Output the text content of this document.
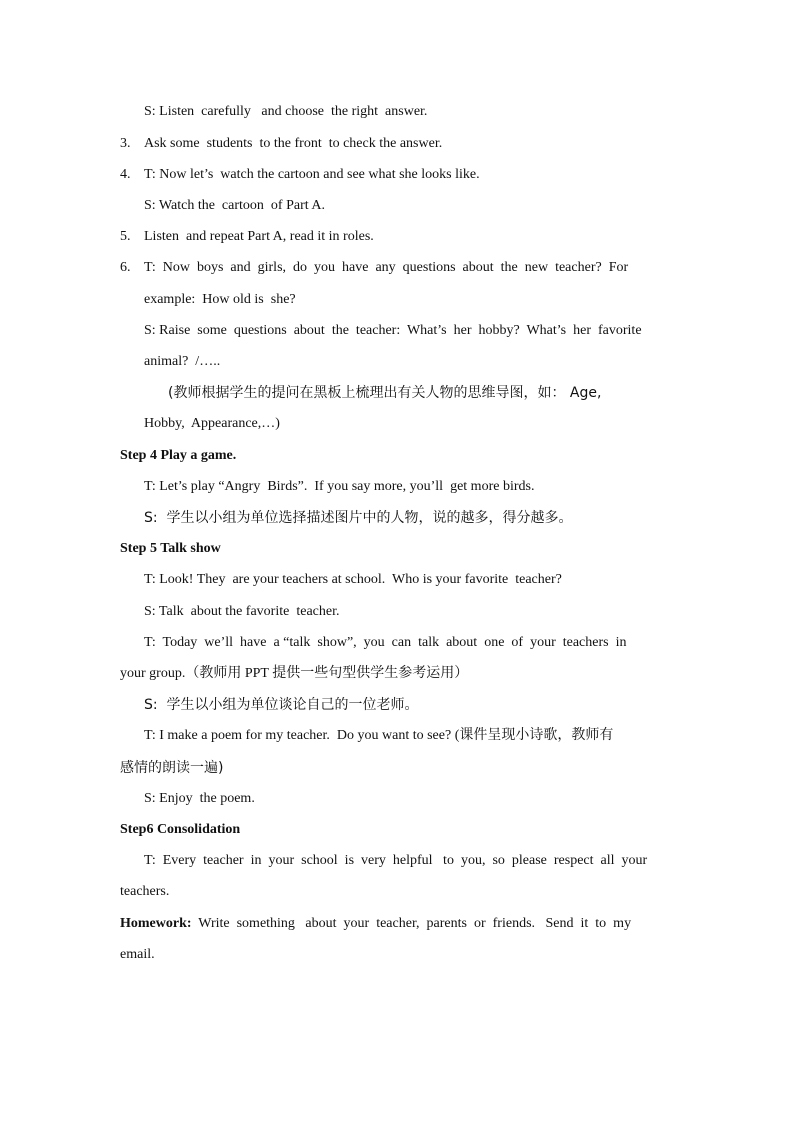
S: Listen  carefully   and choose  the right  answer.
3. Ask some  students  to the front  to check the answer.
4. T: Now let’s  watch the cartoon and see what she looks like.
S: Watch the  cartoon  of Part A.
5. Listen  and repeat Part A, read it in roles.
6. T:  Now  boys  and  girls,  do  you  have  any  questions  about  the  new  teacher?  For
example:  How old is  she?
S: Raise  some  questions  about  the  teacher:  What’s  her  hobby?  What’s  her  favorite
animal?  /…..
(教师根据学生的提问在黑板上梳理出有关人物的思维导图，如： Age,
Hobby,  Appearance,…)
Step 4 Play a game.
T: Let’s play “Angry  Birds”.  If you say more, you’ll  get more birds.
S:  学生以小组为单位选择描述图片中的人物，说的越多，得分越多。
Step 5 Talk show
T: Look! They  are your teachers at school.  Who is your favorite  teacher?
S: Talk  about the favorite  teacher.
T:  Today  we’ll  have  a “talk  show”,  you  can  talk  about  one  of  your  teachers  in
your group.（教师用 PPT 提供一些句型供学生参考运用）
S:  学生以小组为单位谈论自己的一位老师。
T: I make a poem for my teacher.  Do you want to see? (课件呈现小诗歌，教师有
感情的朗读一遍)
S: Enjoy  the poem.
Step6 Consolidation
T:  Every  teacher  in  your  school  is  very  helpful   to  you,  so  please  respect  all  your
teachers.
Homework:  Write  something   about  your  teacher,  parents  or  friends.   Send  it  to  my
email.
